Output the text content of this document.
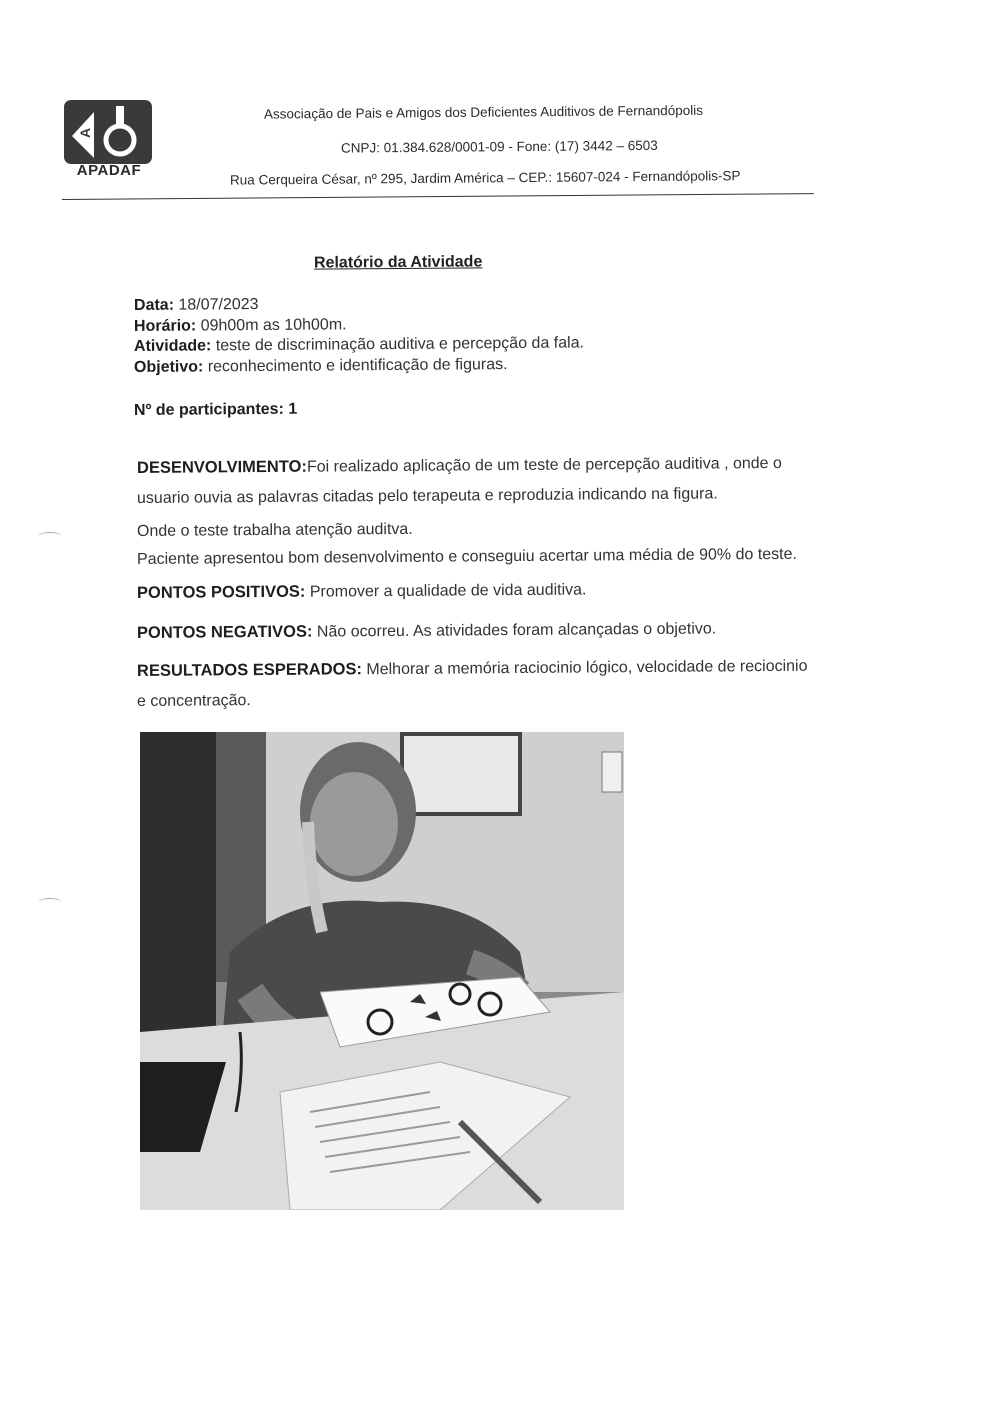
A
APADAF
Associação de Pais e Amigos dos Deficientes Auditivos de Fernandópolis
CNPJ: 01.384.628/0001-09 - Fone: (17) 3442 – 6503
Rua Cerqueira César, nº 295, Jardim América – CEP.: 15607-024 - Fernandópolis-SP
Relatório da Atividade
Data: 18/07/2023
Horário: 09h00m as 10h00m.
Atividade: teste de discriminação auditiva e percepção da fala.
Objetivo: reconhecimento e identificação de figuras.
Nº de participantes: 1
DESENVOLVIMENTO:Foi realizado aplicação de um teste de percepção auditiva , onde o
usuario ouvia as palavras citadas pelo terapeuta e reproduzia indicando na figura.
Onde o teste trabalha atenção auditva.
Paciente apresentou bom desenvolvimento e conseguiu acertar uma média de 90% do teste.
PONTOS POSITIVOS: Promover a qualidade de vida auditiva.
PONTOS NEGATIVOS: Não ocorreu. As atividades foram alcançadas o objetivo.
RESULTADOS ESPERADOS: Melhorar a memória raciocinio lógico, velocidade de reciocinio
e concentração.
